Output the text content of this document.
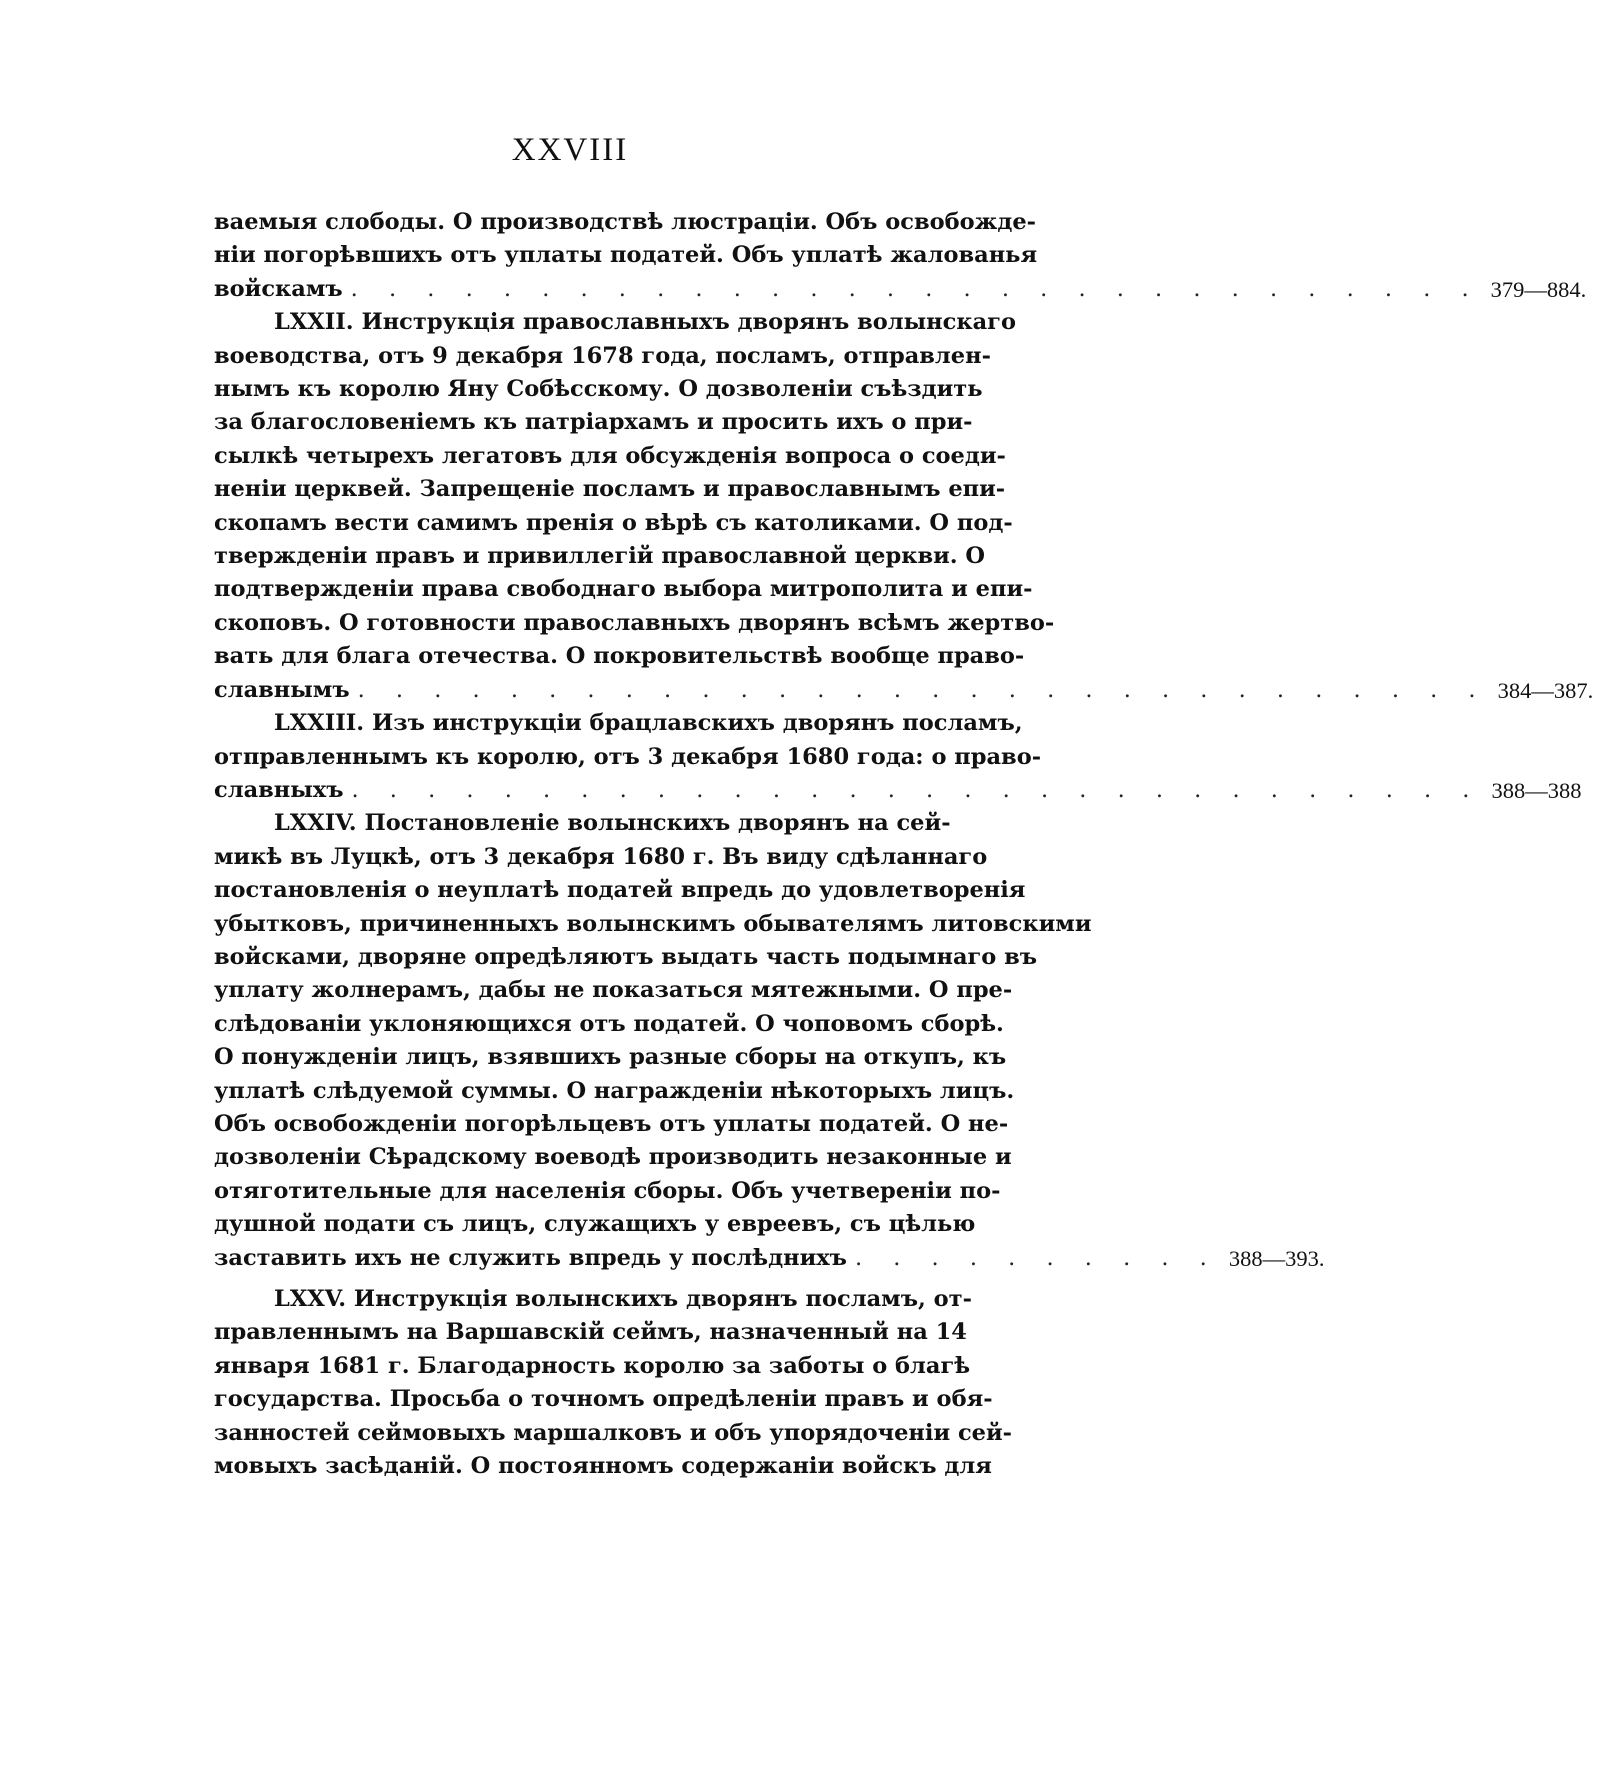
XXVIII
ваемыя слободы. О производствѣ люстраціи. Объ освобожде-
ніи погорѣвшихъ отъ уплаты податей. Объ уплатѣ жалованья
войскамъ . . . . . . . . . . . . . . . . . . . . . . . . . . . . . . 379—884.
LXXII. Инструкція православныхъ дворянъ волынскаго
воеводства, отъ 9 декабря 1678 года, посламъ, отправлен-
нымъ къ королю Яну Собѣсскому. О дозволеніи съѣздить
за благословеніемъ къ патріархамъ и просить ихъ о при-
сылкѣ четырехъ легатовъ для обсужденія вопроса о соеди-
неніи церквей. Запрещеніе посламъ и православнымъ епи-
скопамъ вести самимъ пренія о вѣрѣ съ католиками. О под-
твержденіи правъ и привиллегій православной церкви. О
подтвержденіи права свободнаго выбора митрополита и епи-
скоповъ. О готовности православныхъ дворянъ всѣмъ жертво-
вать для блага отечества. О покровительствѣ вообще право-
славнымъ . . . . . . . . . . . . . . . . . . . . . . . . . . . . . . 384—387.
LXXIII. Изъ инструкціи брацлавскихъ дворянъ посламъ,
отправленнымъ къ королю, отъ 3 декабря 1680 года: о право-
славныхъ . . . . . . . . . . . . . . . . . . . . . . . . . . . . . . 388—388
LXXIV. Постановленіе волынскихъ дворянъ на сей-
микѣ въ Луцкѣ, отъ 3 декабря 1680 г. Въ виду сдѣланнаго
постановленія о неуплатѣ податей впредь до удовлетворенія
убытковъ, причиненныхъ волынскимъ обывателямъ литовскими
войсками, дворяне опредѣляютъ выдать часть подымнаго въ
уплату жолнерамъ, дабы не показаться мятежными. О пре-
слѣдованіи уклоняющихся отъ податей. О чоповомъ сборѣ.
О понужденіи лицъ, взявшихъ разные сборы на откупъ, къ
уплатѣ слѣдуемой суммы. О награжденіи нѣкоторыхъ лицъ.
Объ освобожденіи погорѣльцевъ отъ уплаты податей. О не-
дозволеніи Сѣрадскому воеводѣ производить незаконные и
отяготительные для населенія сборы. Объ учетвереніи по-
душной подати съ лицъ, служащихъ у евреевъ, съ цѣлью
заставить ихъ не служить впредь у послѣднихъ . . . . . . . . . . 388—393.
LXXV. Инструкція волынскихъ дворянъ посламъ, от-
правленнымъ на Варшавскій сеймъ, назначенный на 14
января 1681 г. Благодарность королю за заботы о благѣ
государства. Просьба о точномъ опредѣленіи правъ и обя-
занностей сеймовыхъ маршалковъ и объ упорядоченіи сей-
мовыхъ засѣданій. О постоянномъ содержаніи войскъ для
